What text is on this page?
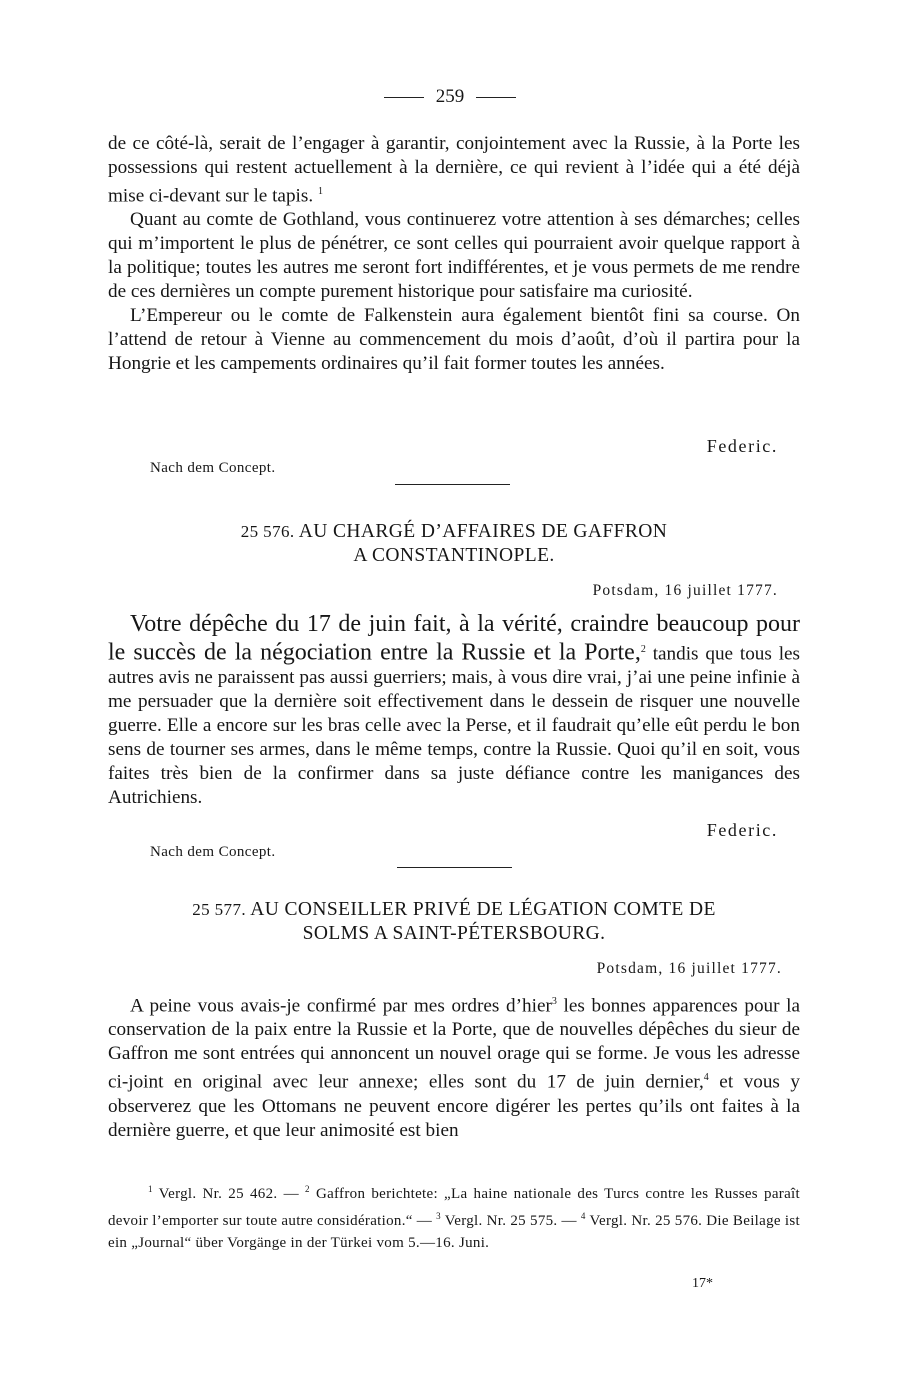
259

de ce côté-là, serait de l’engager à garantir, conjointement avec la Russie, à la Porte les possessions qui restent actuellement à la dernière, ce qui revient à l’idée qui a été déjà mise ci-devant sur le tapis. $^1$

Quant au comte de Gothland, vous continuerez votre attention à ses démarches; celles qui m’importent le plus de pénétrer, ce sont celles qui pourraient avoir quelque rapport à la politique; toutes les autres me seront fort indifférentes, et je vous permets de me rendre de ces dernières un compte purement historique pour satisfaire ma curiosité.

L’Empereur ou le comte de Falkenstein aura également bientôt fini sa course. On l’attend de retour à Vienne au commencement du mois d’août, d’où il partira pour la Hongrie et les campements ordinaires qu’il fait former toutes les années.

Federic.
Nach dem Concept.
25 576. AU CHARGÉ D’AFFAIRES DE GAFFRON
A CONSTANTINOPLE.
Potsdam, 16 juillet 1777.

Votre dépêche du 17 de juin fait, à la vérité, craindre beaucoup pour le succès de la négociation entre la Russie et la Porte,$^2$ tandis que tous les autres avis ne paraissent pas aussi guerriers; mais, à vous dire vrai, j’ai une peine infinie à me persuader que la dernière soit effectivement dans le dessein de risquer une nouvelle guerre. Elle a encore sur les bras celle avec la Perse, et il faudrait qu’elle eût perdu le bon sens de tourner ses armes, dans le même temps, contre la Russie. Quoi qu’il en soit, vous faites très bien de la confirmer dans sa juste défiance contre les manigances des Autrichiens.

Federic.
Nach dem Concept.
25 577. AU CONSEILLER PRIVÉ DE LÉGATION COMTE DE
SOLMS A SAINT-PÉTERSBOURG.
Potsdam, 16 juillet 1777.

A peine vous avais-je confirmé par mes ordres d’hier$^3$ les bonnes apparences pour la conservation de la paix entre la Russie et la Porte, que de nouvelles dépêches du sieur de Gaffron me sont entrées qui annoncent un nouvel orage qui se forme. Je vous les adresse ci-joint en original avec leur annexe; elles sont du 17 de juin dernier,$^4$ et vous y observerez que les Ottomans ne peuvent encore digérer les pertes qu’ils ont faites à la dernière guerre, et que leur animosité est bien

$^1$ Vergl. Nr. 25 462. — $^2$ Gaffron berichtete: „La haine nationale des Turcs contre les Russes paraît devoir l’emporter sur toute autre considération.“ — $^3$ Vergl. Nr. 25 575. — $^4$ Vergl. Nr. 25 576. Die Beilage ist ein „Journal“ über Vorgänge in der Türkei vom 5.—16. Juni.

17*
